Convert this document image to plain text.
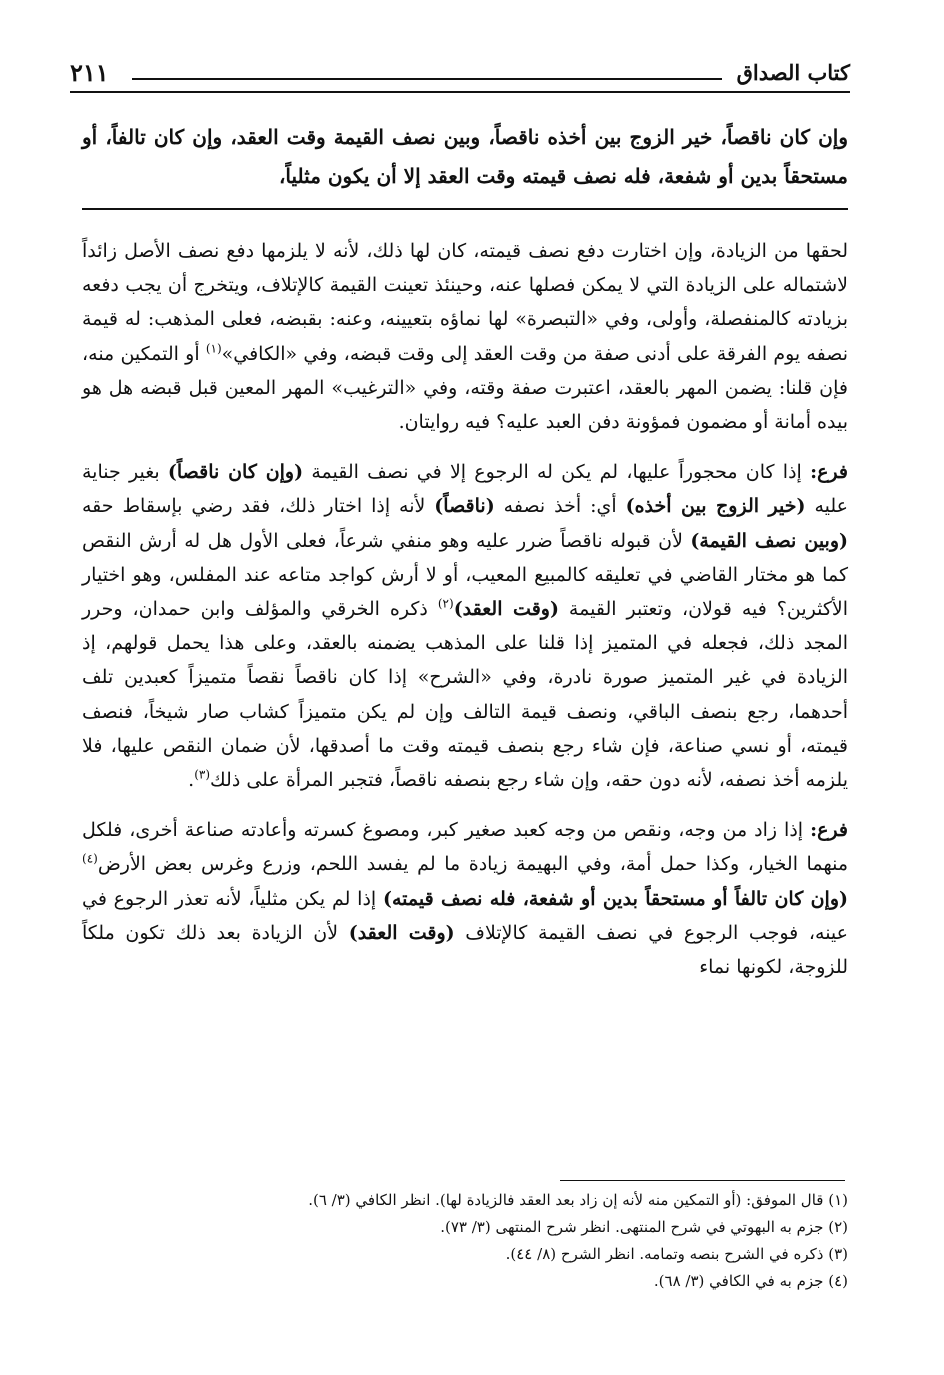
كتاب الصداق
٢١١
وإن كان ناقصاً، خير الزوج بين أخذه ناقصاً، وبين نصف القيمة وقت العقد، وإن كان تالفاً، أو مستحقاً بدين أو شفعة، فله نصف قيمته وقت العقد إلا أن يكون مثلياً،

لحقها من الزيادة، وإن اختارت دفع نصف قيمته، كان لها ذلك، لأنه لا يلزمها دفع نصف الأصل زائداً لاشتماله على الزيادة التي لا يمكن فصلها عنه، وحينئذ تعينت القيمة كالإتلاف، ويتخرج أن يجب دفعه بزيادته كالمنفصلة، وأولى، وفي «التبصرة» لها نماؤه بتعيينه، وعنه: بقبضه، فعلى المذهب: له قيمة نصفه يوم الفرقة على أدنى صفة من وقت العقد إلى وقت قبضه، وفي «الكافي»$^{(١)}$ أو التمكين منه، فإن قلنا: يضمن المهر بالعقد، اعتبرت صفة وقته، وفي «الترغيب» المهر المعين قبل قبضه هل هو بيده أمانة أو مضمون فمؤونة دفن العبد عليه؟ فيه روايتان.

فرع: إذا كان محجوراً عليها، لم يكن له الرجوع إلا في نصف القيمة (وإن كان ناقصاً) بغير جناية عليه (خير الزوج بين أخذه) أي: أخذ نصفه (ناقصاً) لأنه إذا اختار ذلك، فقد رضي بإسقاط حقه (وبين نصف القيمة) لأن قبوله ناقصاً ضرر عليه وهو منفي شرعاً، فعلى الأول هل له أرش النقص كما هو مختار القاضي في تعليقه كالمبيع المعيب، أو لا أرش كواجد متاعه عند المفلس، وهو اختيار الأكثرين؟ فيه قولان، وتعتبر القيمة (وقت العقد)$^{(٢)}$ ذكره الخرقي والمؤلف وابن حمدان، وحرر المجد ذلك، فجعله في المتميز إذا قلنا على المذهب يضمنه بالعقد، وعلى هذا يحمل قولهم، إذ الزيادة في غير المتميز صورة نادرة، وفي «الشرح» إذا كان ناقصاً نقصاً متميزاً كعبدين تلف أحدهما، رجع بنصف الباقي، ونصف قيمة التالف وإن لم يكن متميزاً كشاب صار شيخاً، فنصف قيمته، أو نسي صناعة، فإن شاء رجع بنصف قيمته وقت ما أصدقها، لأن ضمان النقص عليها، فلا يلزمه أخذ نصفه، لأنه دون حقه، وإن شاء رجع بنصفه ناقصاً، فتجبر المرأة على ذلك$^{(٣)}$.

فرع: إذا زاد من وجه، ونقص من وجه كعبد صغير كبر، ومصوغ كسرته وأعادته صناعة أخرى، فلكل منهما الخيار، وكذا حمل أمة، وفي البهيمة زيادة ما لم يفسد اللحم، وزرع وغرس بعض الأرض$^{(٤)}$ (وإن كان تالفاً أو مستحقاً بدين أو شفعة، فله نصف قيمته) إذا لم يكن مثلياً، لأنه تعذر الرجوع في عينه، فوجب الرجوع في نصف القيمة كالإتلاف (وقت العقد) لأن الزيادة بعد ذلك تكون ملكاً للزوجة، لكونها نماء

(١) قال الموفق: (أو التمكين منه لأنه إن زاد بعد العقد فالزيادة لها). انظر الكافي (٣/ ٦).
(٢) جزم به البهوتي في شرح المنتهى. انظر شرح المنتهى (٣/ ٧٣).
(٣) ذكره في الشرح بنصه وتمامه. انظر الشرح (٨/ ٤٤).
(٤) جزم به في الكافي (٣/ ٦٨).
